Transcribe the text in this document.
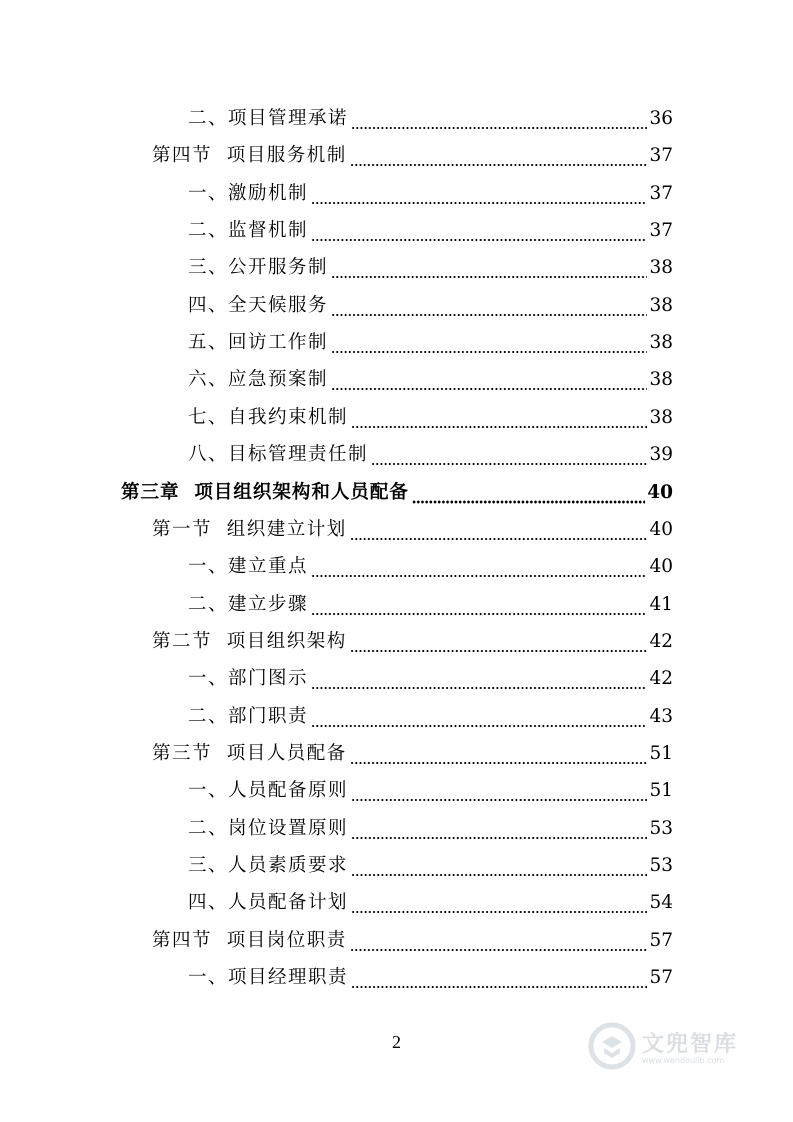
二、项目管理承诺	36
第四节  项目服务机制	37
一、激励机制	37
二、监督机制	37
三、公开服务制	38
四、全天候服务	38
五、回访工作制	38
六、应急预案制	38
七、自我约束机制	38
八、目标管理责任制	39
第三章  项目组织架构和人员配备	40
第一节  组织建立计划	40
一、建立重点	40
二、建立步骤	41
第二节  项目组织架构	42
一、部门图示	42
二、部门职责	43
第三节  项目人员配备	51
一、人员配备原则	51
二、岗位设置原则	53
三、人员素质要求	53
四、人员配备计划	54
第四节  项目岗位职责	57
一、项目经理职责	57
2	文兜智库
www.wendoulib.com
